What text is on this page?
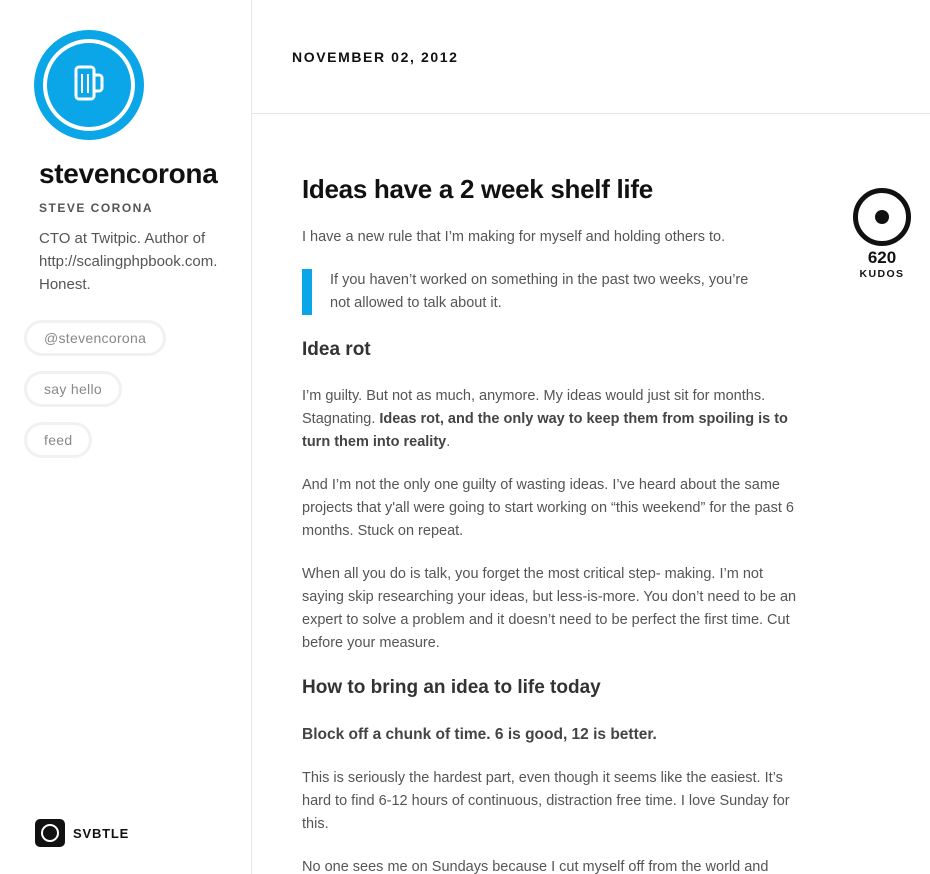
stevencorona
STEVE CORONA
CTO at Twitpic. Author of http://scalingphpbook.com. Honest.
@stevencorona
say hello
feed
SVBTLE
NOVEMBER 02, 2012
Ideas have a 2 week shelf life

I have a new rule that I’m making for myself and holding others to.

If you haven’t worked on something in the past two weeks, you’re not allowed to talk about it.
Idea rot

I’m guilty. But not as much, anymore. My ideas would just sit for months. Stagnating. Ideas rot, and the only way to keep them from spoiling is to turn them into reality.

And I’m not the only one guilty of wasting ideas. I’ve heard about the same projects that y'all were going to start working on “this weekend” for the past 6 months. Stuck on repeat.

When all you do is talk, you forget the most critical step- making. I’m not saying skip researching your ideas, but less-is-more. You don’t need to be an expert to solve a problem and it doesn’t need to be perfect the first time. Cut before your measure.

How to bring an idea to life today
Block off a chunk of time. 6 is good, 12 is better.

This is seriously the hardest part, even though it seems like the easiest. It’s hard to find 6-12 hours of continuous, distraction free time. I love Sunday for this.

No one sees me on Sundays because I cut myself off from the world and

620
KUDOS
